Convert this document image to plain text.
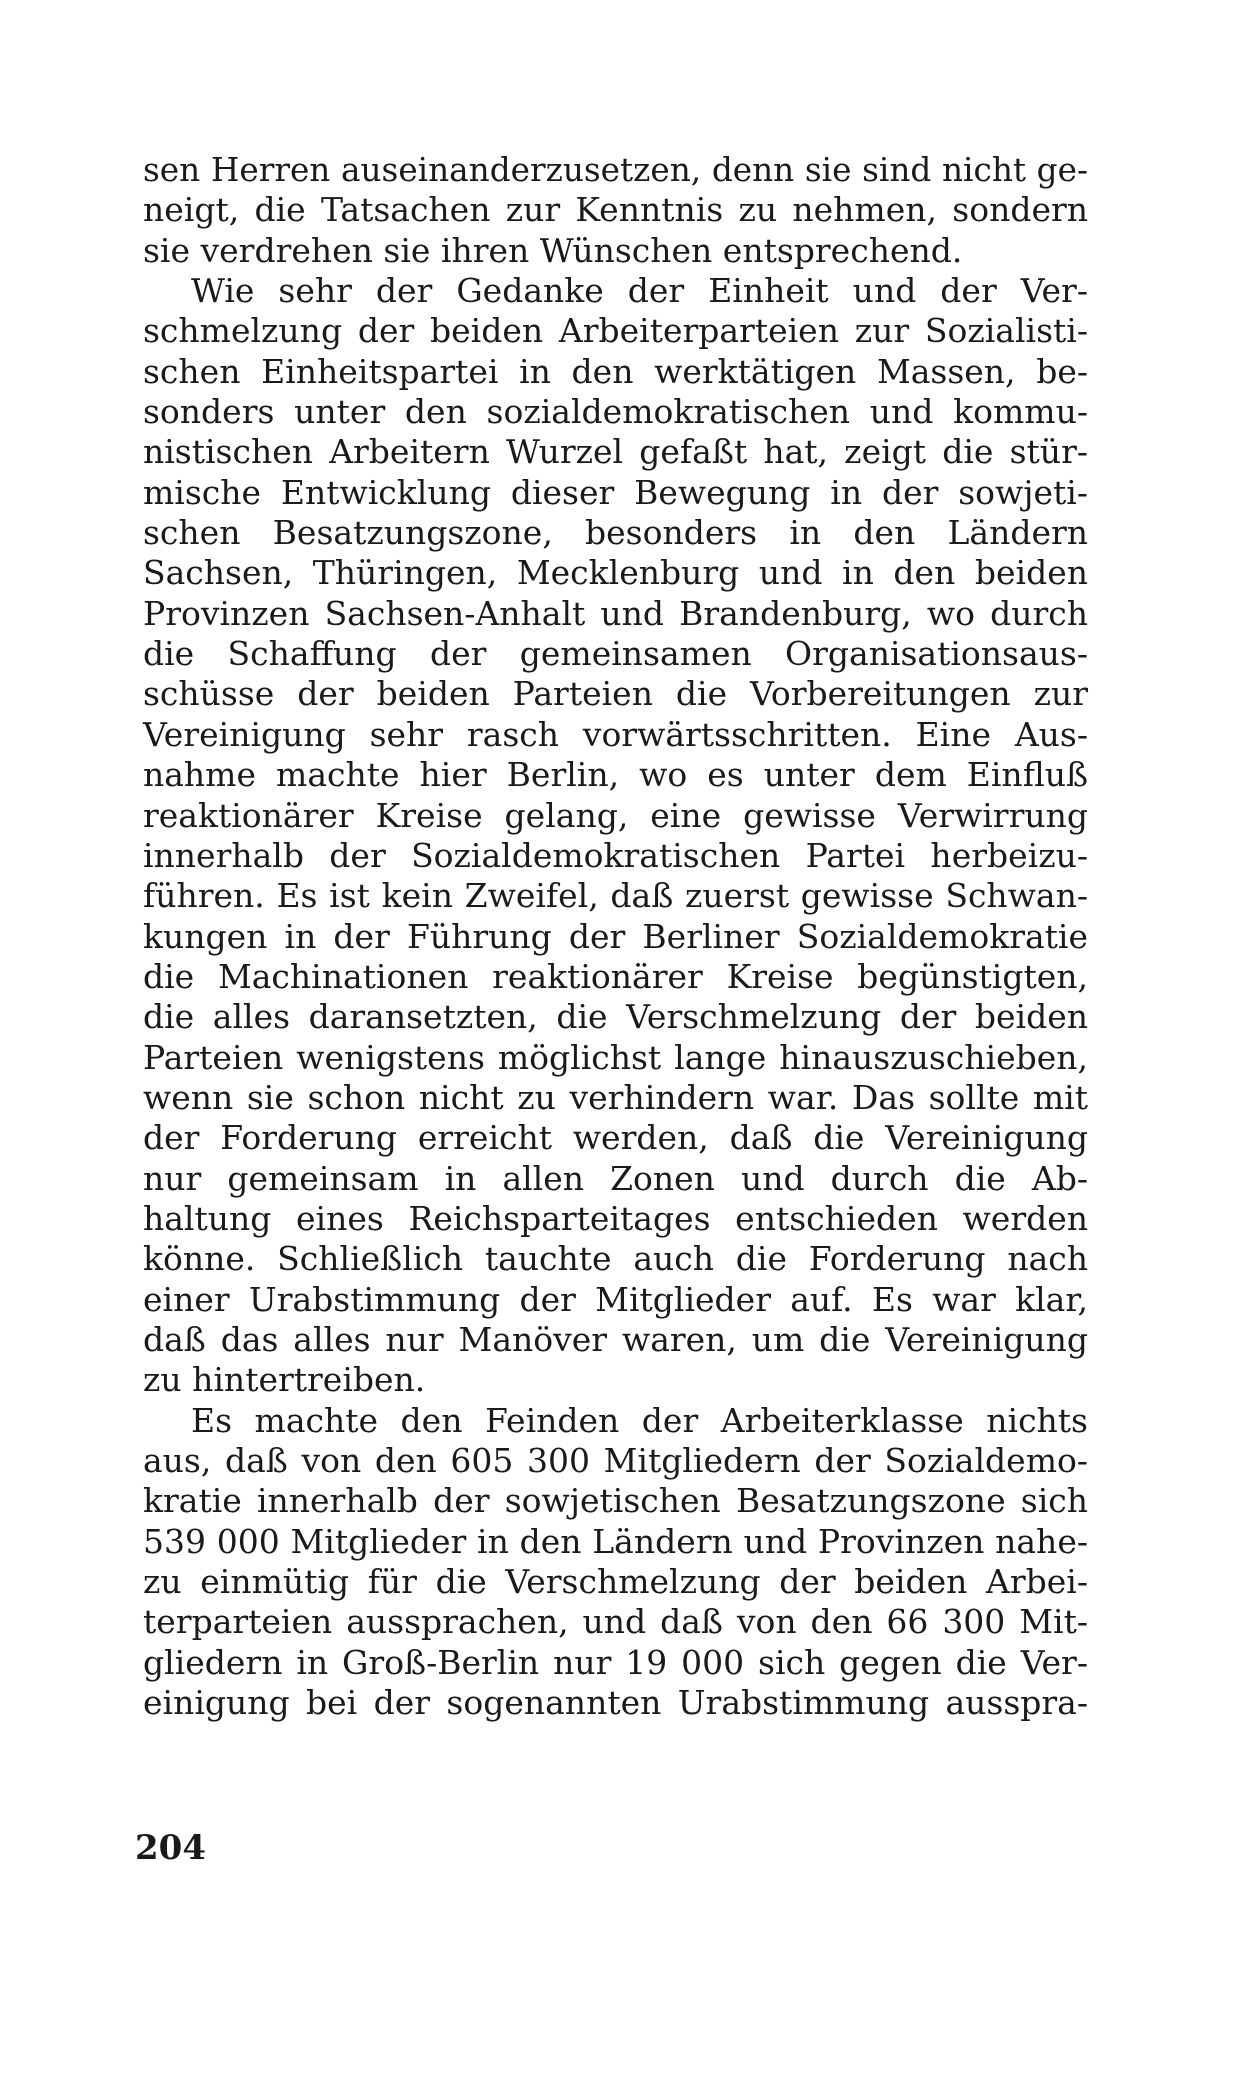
sen Herren auseinanderzusetzen, denn sie sind nicht ge-
neigt, die Tatsachen zur Kenntnis zu nehmen, sondern
sie verdrehen sie ihren Wünschen entsprechend.
Wie sehr der Gedanke der Einheit und der Ver-
schmelzung der beiden Arbeiterparteien zur Sozialisti-
schen Einheitspartei in den werktätigen Massen, be-
sonders unter den sozialdemokratischen und kommu-
nistischen Arbeitern Wurzel gefaßt hat, zeigt die stür-
mische Entwicklung dieser Bewegung in der sowjeti-
schen Besatzungszone, besonders in den Ländern
Sachsen, Thüringen, Mecklenburg und in den beiden
Provinzen Sachsen-Anhalt und Brandenburg, wo durch
die Schaffung der gemeinsamen Organisationsaus-
schüsse der beiden Parteien die Vorbereitungen zur
Vereinigung sehr rasch vorwärtsschritten. Eine Aus-
nahme machte hier Berlin, wo es unter dem Einfluß
reaktionärer Kreise gelang, eine gewisse Verwirrung
innerhalb der Sozialdemokratischen Partei herbeizu-
führen. Es ist kein Zweifel, daß zuerst gewisse Schwan-
kungen in der Führung der Berliner Sozialdemokratie
die Machinationen reaktionärer Kreise begünstigten,
die alles daransetzten, die Verschmelzung der beiden
Parteien wenigstens möglichst lange hinauszuschieben,
wenn sie schon nicht zu verhindern war. Das sollte mit
der Forderung erreicht werden, daß die Vereinigung
nur gemeinsam in allen Zonen und durch die Ab-
haltung eines Reichsparteitages entschieden werden
könne. Schließlich tauchte auch die Forderung nach
einer Urabstimmung der Mitglieder auf. Es war klar,
daß das alles nur Manöver waren, um die Vereinigung
zu hintertreiben.
Es machte den Feinden der Arbeiterklasse nichts
aus, daß von den 605 300 Mitgliedern der Sozialdemo-
kratie innerhalb der sowjetischen Besatzungszone sich
539 000 Mitglieder in den Ländern und Provinzen nahe-
zu einmütig für die Verschmelzung der beiden Arbei-
terparteien aussprachen, und daß von den 66 300 Mit-
gliedern in Groß-Berlin nur 19 000 sich gegen die Ver-
einigung bei der sogenannten Urabstimmung ausspra-
204
